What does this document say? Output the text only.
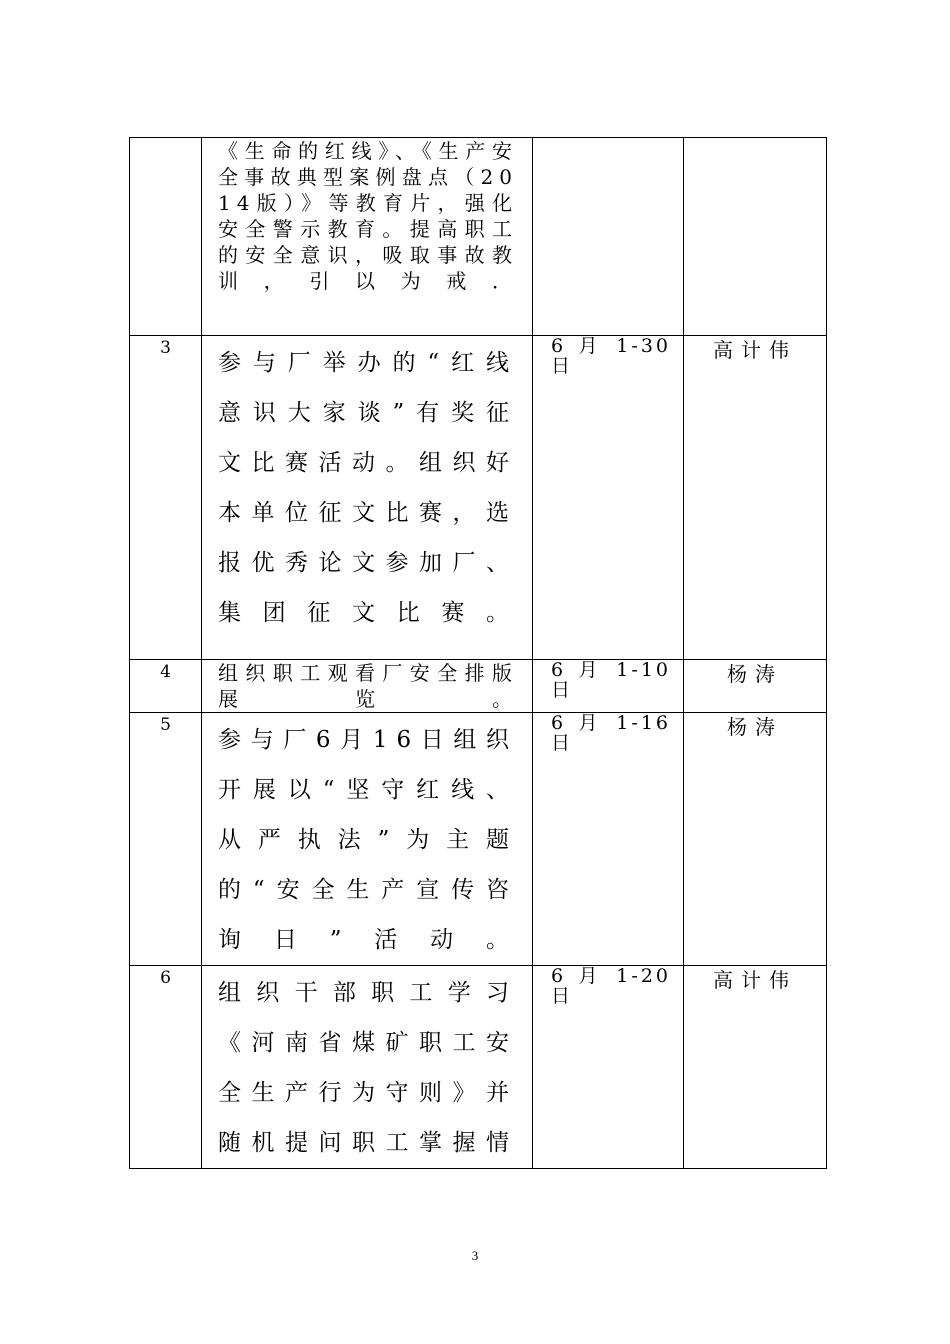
	《生命的红线》、《生产安全事故典型案例盘点（2014版）》等教育片，强化安全警示教育。提高职工的安全意识，吸取事故教训，引以为戒．		

3	参与厂举办的“红线意识大家谈”有奖征文比赛活动。组织好本单位征文比赛，选报优秀论文参加厂、集团征文比赛。	6 月 1-30日	高计伟

4	组织职工观看厂安全排版展览。	6 月 1-10日	杨涛

5	参与厂6月16日组织开展以“坚守红线、从严执法”为主题的“安全生产宣传咨询日”活动。	6 月 1-16日	杨涛

6	组织干部职工学习《河南省煤矿职工安全生产行为守则》并随机提问职工掌握情	6 月 1-20日	高计伟
3
